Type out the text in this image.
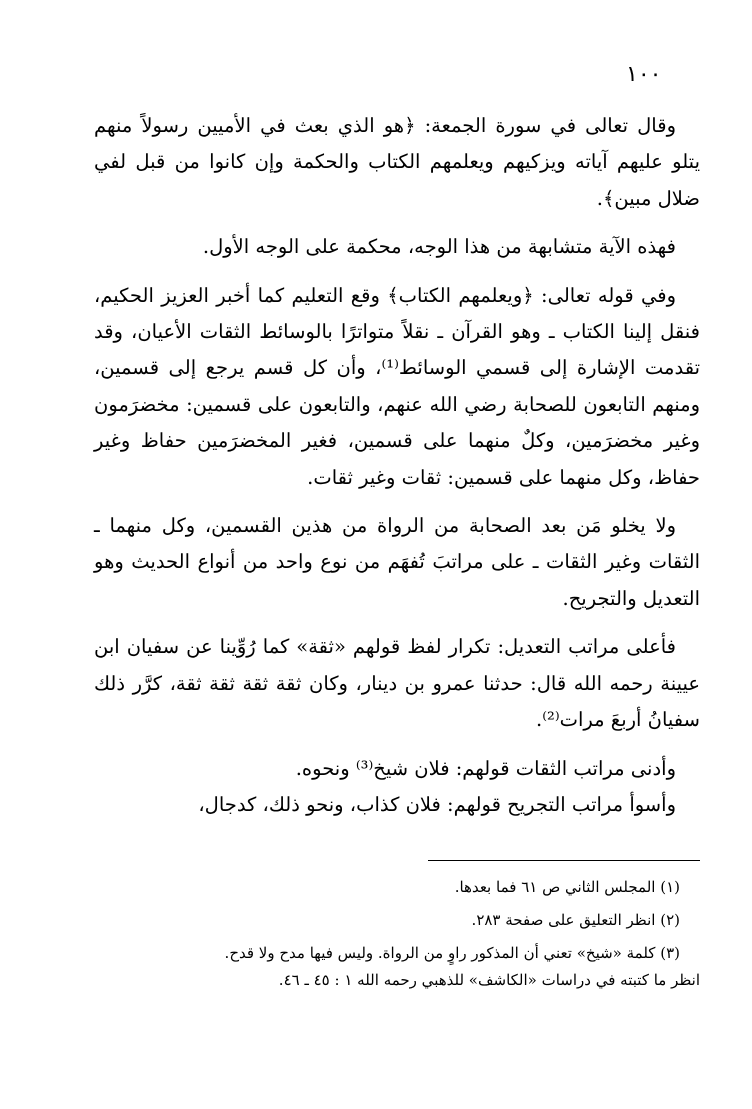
١٠٠

وقال تعالى في سورة الجمعة: ﴿هو الذي بعث في الأميين رسولاً منهم يتلو عليهم آياته ويزكيهم ويعلمهم الكتاب والحكمة وإن كانوا من قبل لفي ضلال مبين﴾.

فهذه الآية متشابهة من هذا الوجه، محكمة على الوجه الأول.

وفي قوله تعالى: ﴿ويعلمهم الكتاب﴾ وقع التعليم كما أخبر العزيز الحكيم، فنقل إلينا الكتاب ـ وهو القرآن ـ نقلاً متواترًا بالوسائط الثقات الأعيان، وقد تقدمت الإشارة إلى قسمي الوسائط⁽¹⁾، وأن كل قسم يرجع إلى قسمين، ومنهم التابعون للصحابة رضي الله عنهم، والتابعون على قسمين: مخضرَمون وغير مخضرَمين، وكلٌ منهما على قسمين، فغير المخضرَمين حفاظ وغير حفاظ، وكل منهما على قسمين: ثقات وغير ثقات.

ولا يخلو مَن بعد الصحابة من الرواة من هذين القسمين، وكل منهما ـ الثقات وغير الثقات ـ على مراتبَ تُفهَم من نوع واحد من أنواع الحديث وهو التعديل والتجريح.

فأعلى مراتب التعديل: تكرار لفظ قولهم «ثقة» كما رُوِّينا عن سفيان ابن عيينة رحمه الله قال: حدثنا عمرو بن دينار، وكان ثقة ثقة ثقة ثقة، كرَّر ذلك سفيانُ أربعَ مرات⁽²⁾.

وأدنى مراتب الثقات قولهم: فلان شيخ⁽³⁾ ونحوه.

وأسوأ مراتب التجريح قولهم: فلان كذاب، ونحو ذلك، كدجال،

(١) المجلس الثاني ص ٦١ فما بعدها.

(٢) انظر التعليق على صفحة ٢٨٣.

(٣) كلمة «شيخ» تعني أن المذكور راوٍ من الرواة. وليس فيها مدح ولا قدح.

انظر ما كتبته في دراسات «الكاشف» للذهبي رحمه الله ١ : ٤٥ ـ ٤٦.
